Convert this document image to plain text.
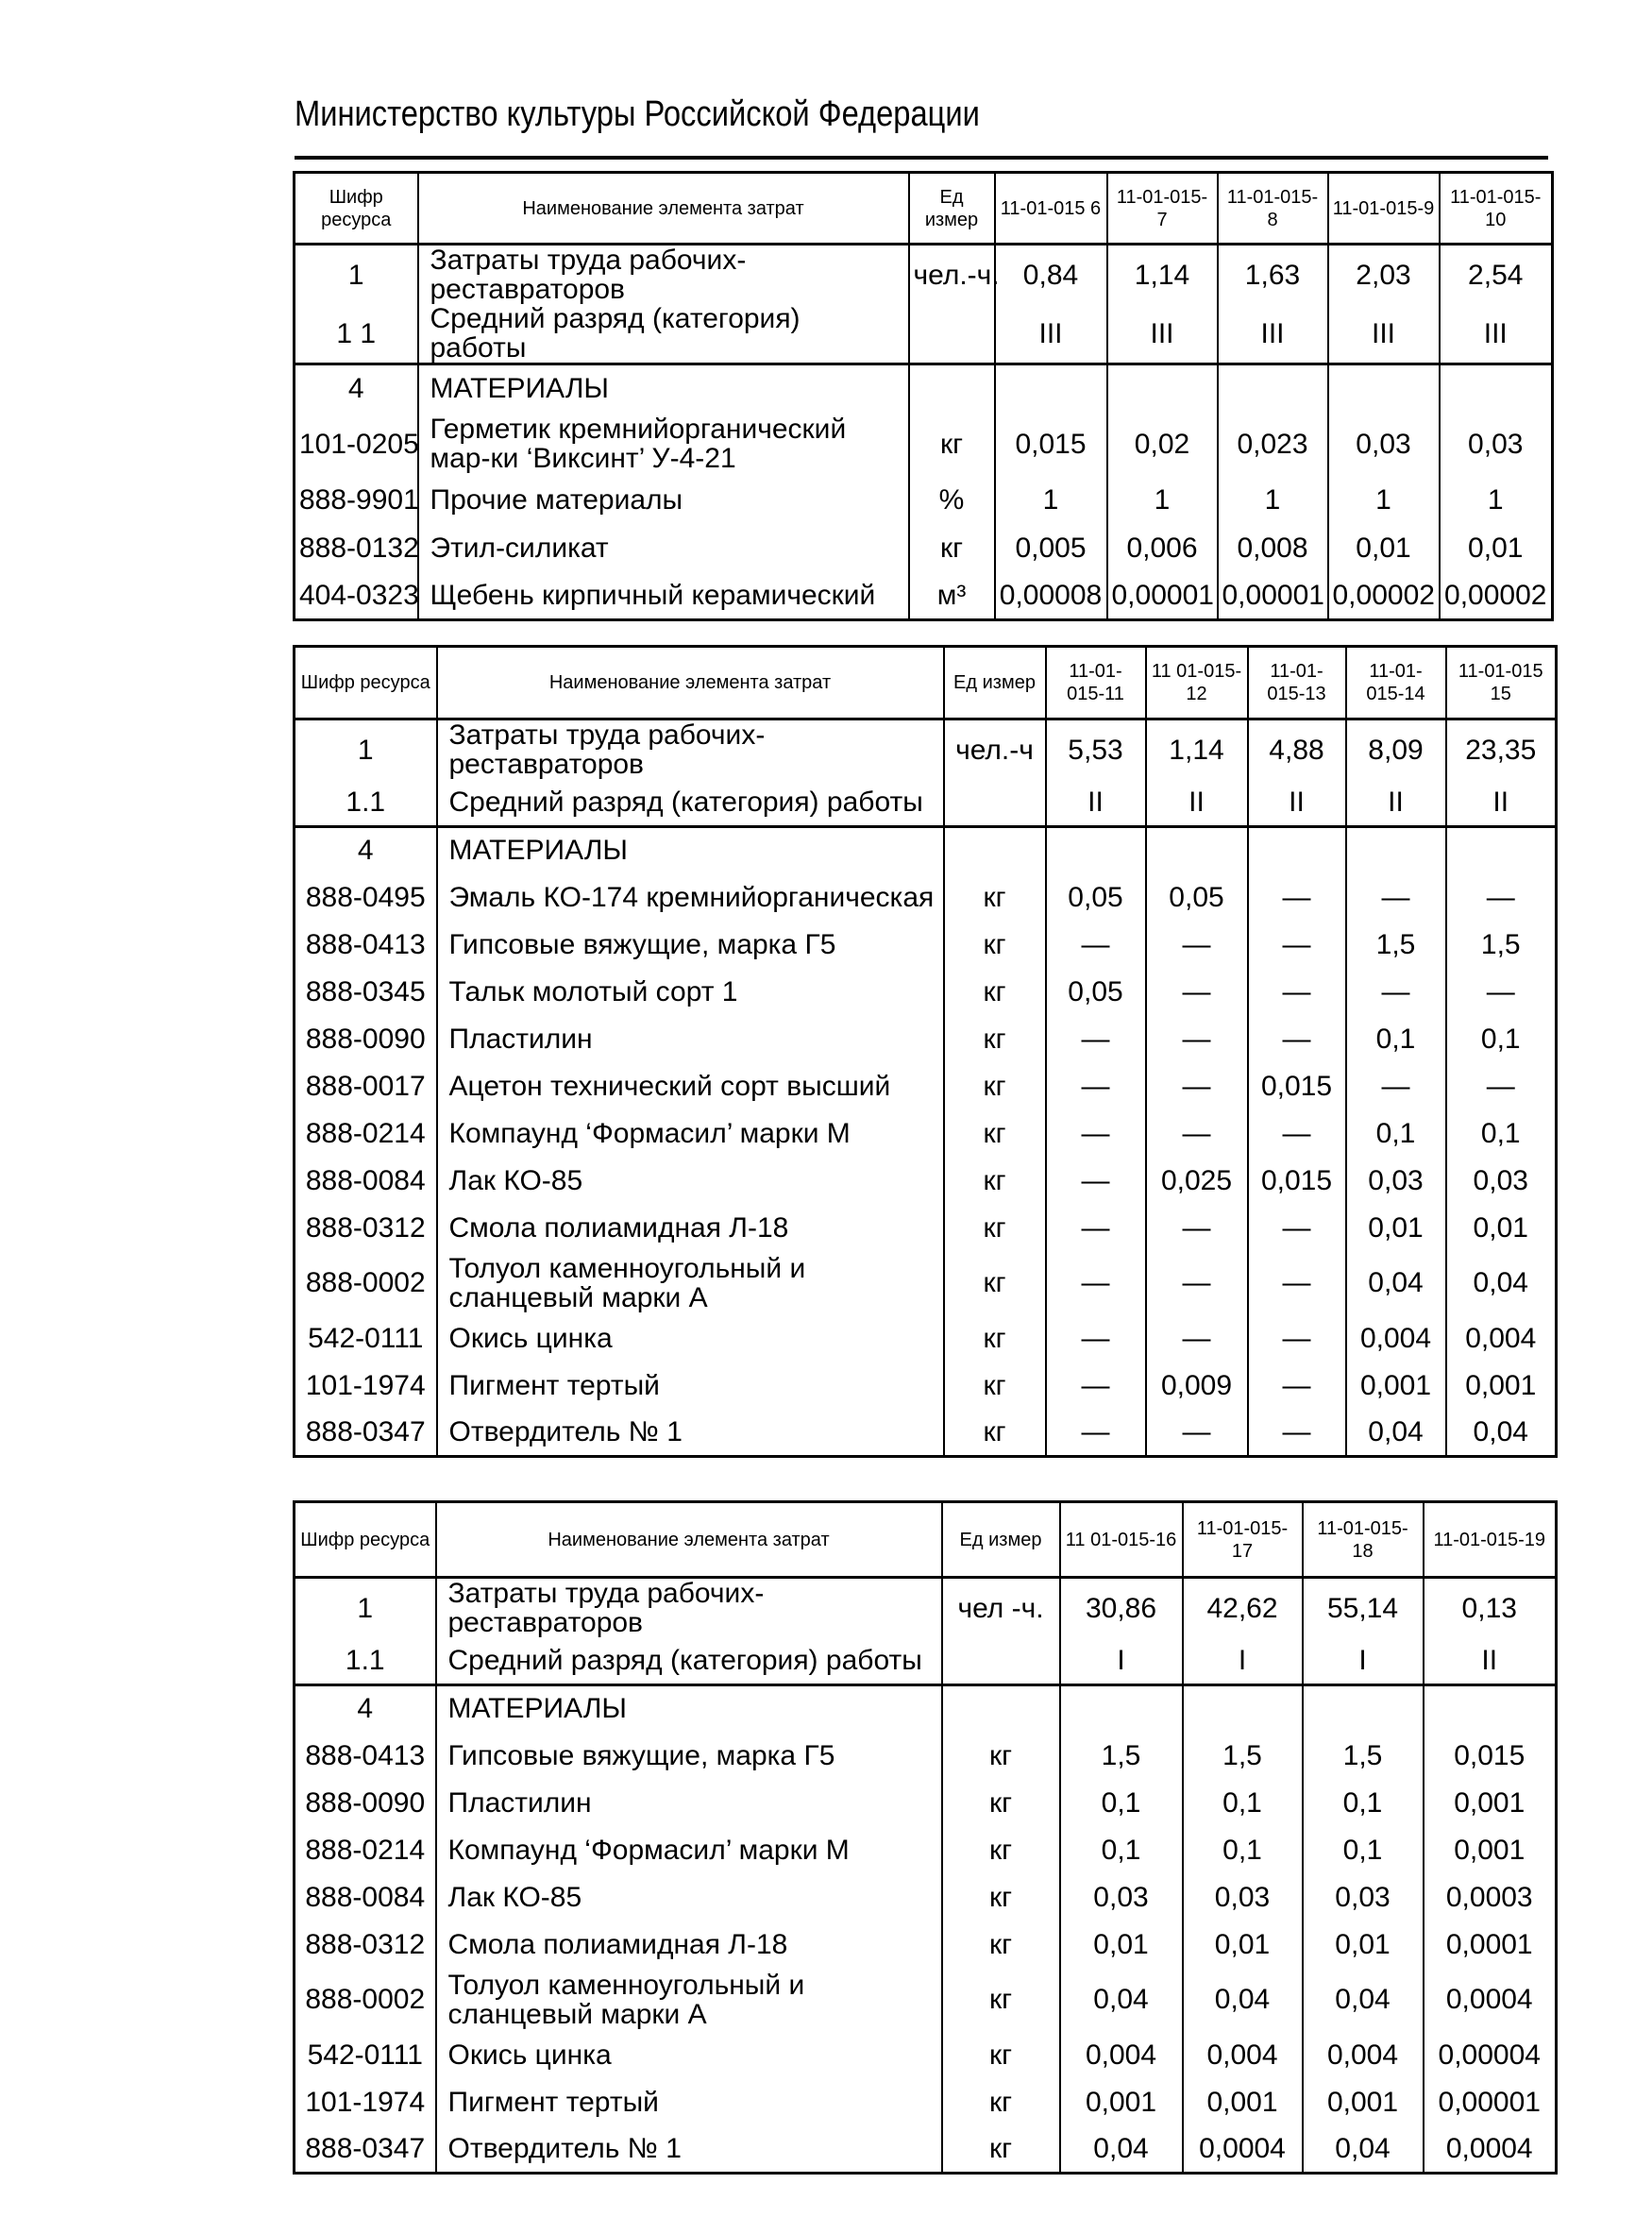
Министерство культуры Российской Федерации
Шифр ресурса	Наименование элемента затрат	Ед измер	11-01-015 6	11-01-015-7	11-01-015-8	11-01-015-9	11-01-015-10
1	Затраты труда рабочих-реставраторов	чел.-ч.	0,84	1,14	1,63	2,03	2,54
1 1	Средний разряд (категория) работы		III	III	III	III	III
4	МАТЕРИАЛЫ						
101-0205	Герметик кремнийорганический мар-ки ‘Виксинт’ У-4-21	кг	0,015	0,02	0,023	0,03	0,03
888-9901	Прочие материалы	%	1	1	1	1	1
888-0132	Этил-силикат	кг	0,005	0,006	0,008	0,01	0,01
404-0323	Щебень кирпичный керамический	м³	0,00008	0,00001	0,00001	0,00002	0,00002
Шифр ресурса	Наименование элемента затрат	Ед измер	11-01-015-11	11 01-015-12	11-01-015-13	11-01-015-14	11-01-015 15
1	Затраты труда рабочих-реставраторов	чел.-ч	5,53	1,14	4,88	8,09	23,35
1.1	Средний разряд (категория) работы		II	II	II	II	II
4	МАТЕРИАЛЫ						
888-0495	Эмаль КО-174 кремнийорганическая	кг	0,05	0,05	—	—	—
888-0413	Гипсовые вяжущие, марка Г5	кг	—	—	—	1,5	1,5
888-0345	Тальк молотый сорт 1	кг	0,05	—	—	—	—
888-0090	Пластилин	кг	—	—	—	0,1	0,1
888-0017	Ацетон технический сорт высший	кг	—	—	0,015	—	—
888-0214	Компаунд ‘Формасил’ марки М	кг	—	—	—	0,1	0,1
888-0084	Лак КО-85	кг	—	0,025	0,015	0,03	0,03
888-0312	Смола полиамидная Л-18	кг	—	—	—	0,01	0,01
888-0002	Толуол каменноугольный и сланцевый марки А	кг	—	—	—	0,04	0,04
542-0111	Окись цинка	кг	—	—	—	0,004	0,004
101-1974	Пигмент тертый	кг	—	0,009	—	0,001	0,001
888-0347	Отвердитель № 1	кг	—	—	—	0,04	0,04
Шифр ресурса	Наименование элемента затрат	Ед измер	11 01-015-16	11-01-015-17	11-01-015-18	11-01-015-19
1	Затраты труда рабочих-реставраторов	чел -ч.	30,86	42,62	55,14	0,13
1.1	Средний разряд (категория) работы		I	I	I	II
4	МАТЕРИАЛЫ					
888-0413	Гипсовые вяжущие, марка Г5	кг	1,5	1,5	1,5	0,015
888-0090	Пластилин	кг	0,1	0,1	0,1	0,001
888-0214	Компаунд ‘Формасил’ марки М	кг	0,1	0,1	0,1	0,001
888-0084	Лак КО-85	кг	0,03	0,03	0,03	0,0003
888-0312	Смола полиамидная Л-18	кг	0,01	0,01	0,01	0,0001
888-0002	Толуол каменноугольный и сланцевый марки А	кг	0,04	0,04	0,04	0,0004
542-0111	Окись цинка	кг	0,004	0,004	0,004	0,00004
101-1974	Пигмент тертый	кг	0,001	0,001	0,001	0,00001
888-0347	Отвердитель № 1	кг	0,04	0,0004	0,04	0,0004
